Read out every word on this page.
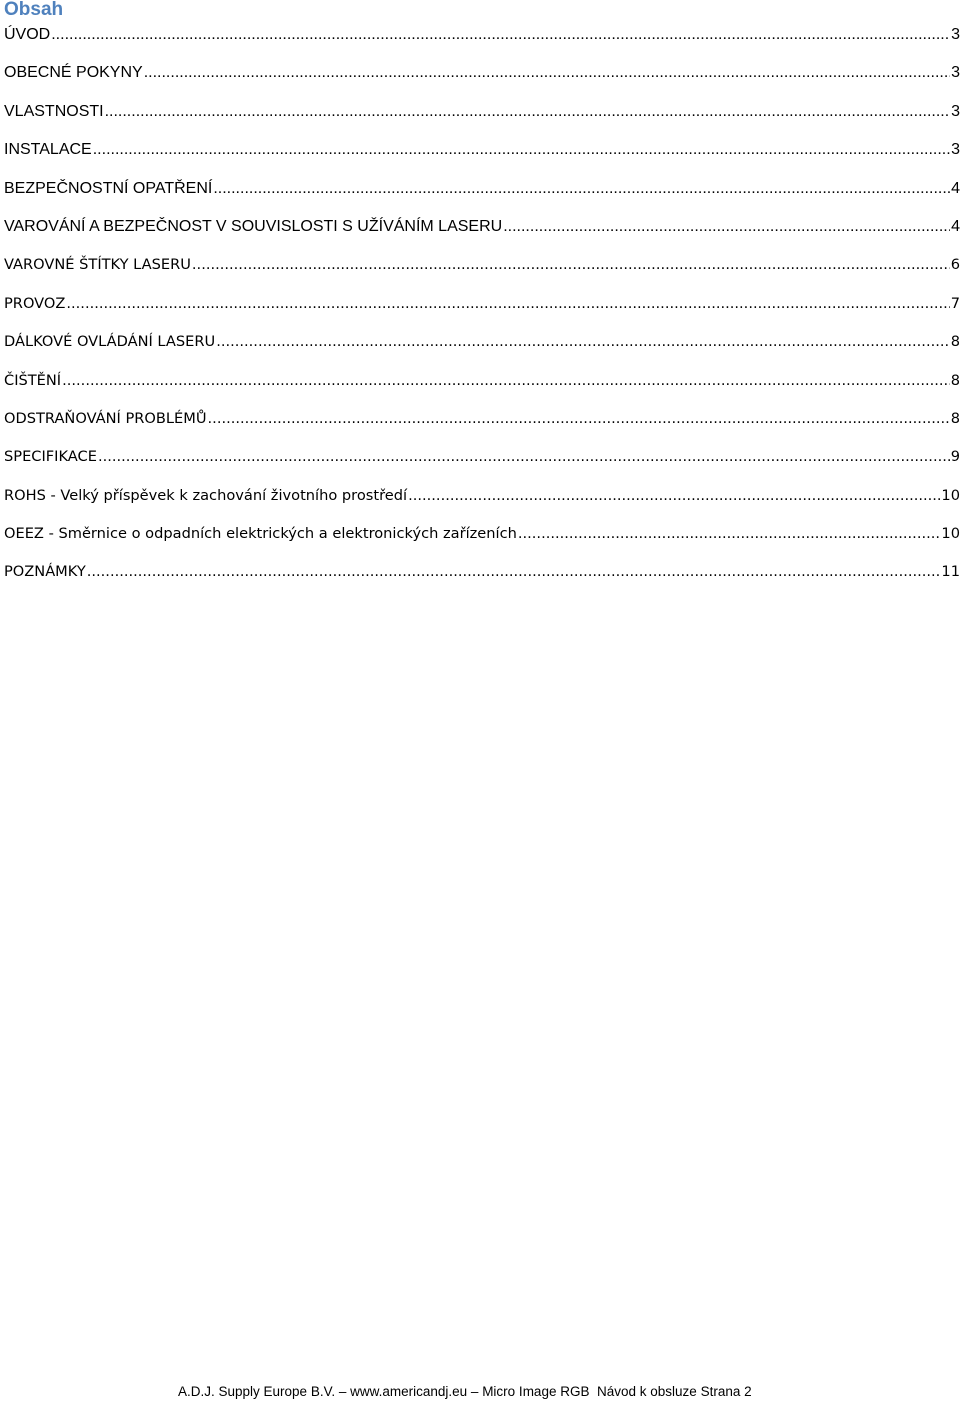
Obsah
ÚVOD .....	3
OBECNÉ POKYNY .....	3
VLASTNOSTI .....	3
INSTALACE .....	3
BEZPEČNOSTNÍ OPATŘENÍ .....	4
VAROVÁNÍ A BEZPEČNOST V SOUVISLOSTI S UŽÍVÁNÍM LASERU .....	4
VAROVNÉ ŠTÍTKY LASERU .....	6
PROVOZ .....	7
DÁLKOVÉ OVLÁDÁNÍ LASERU .....	8
ČIŠTĚNÍ .....	8
ODSTRAŇOVÁNÍ PROBLÉMŮ .....	8
SPECIFIKACE .....	9
ROHS - Velký příspěvek k zachování životního prostředí .....	10
OEEZ - Směrnice o odpadních elektrických a elektronických zařízeních .....	10
POZNÁMKY .....	11
A.D.J. Supply Europe B.V. – www.americandj.eu – Micro Image RGB Návod k obsluze Strana 2
